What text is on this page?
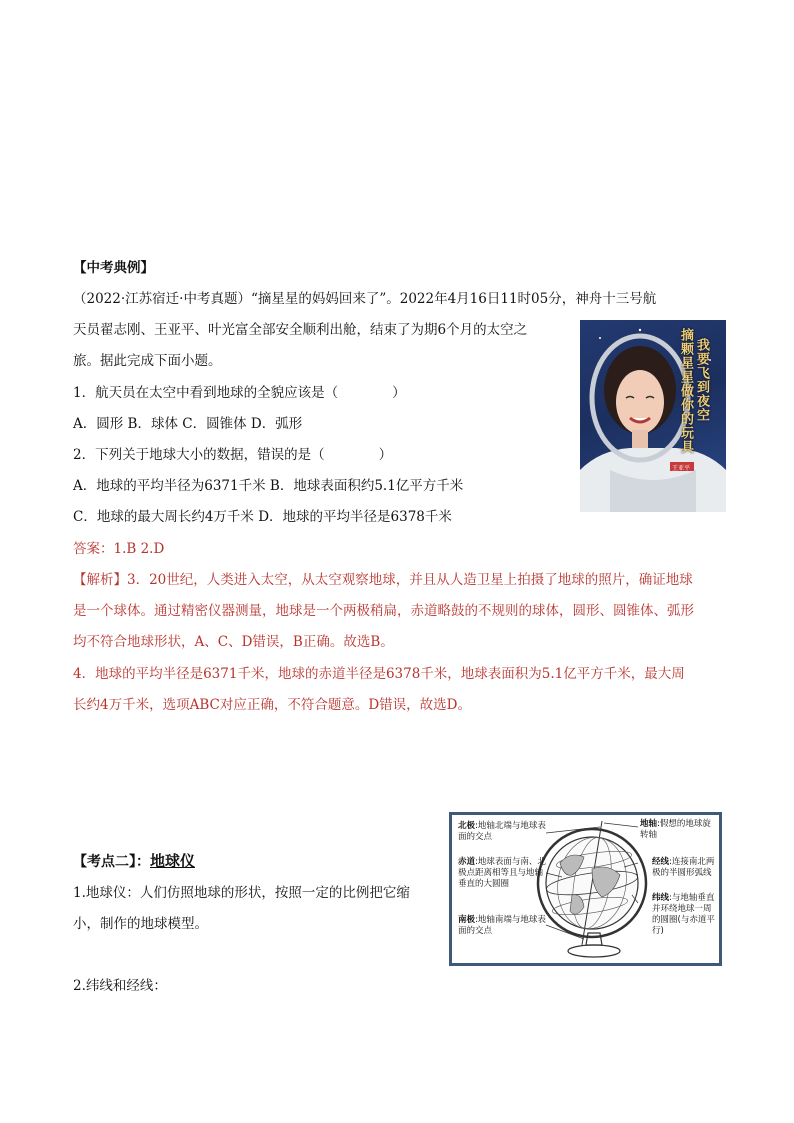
【中考典例】
（2022·江苏宿迁·中考真题）“摘星星的妈妈回来了”。2022年4月16日11时05分，神舟十三号航
天员翟志刚、王亚平、叶光富全部安全顺利出舱，结束了为期6个月的太空之
旅。据此完成下面小题。
1．航天员在太空中看到地球的全貌应该是（　　　　）
A．圆形 B．球体 C．圆锥体 D．弧形
2．下列关于地球大小的数据，错误的是（　　　　）
A．地球的平均半径为6371千米 B．地球表面积约5.1亿平方千米
C．地球的最大周长约4万千米 D．地球的平均半径是6378千米
答案：1.B 2.D
【解析】3．20世纪，人类进入太空，从太空观察地球，并且从人造卫星上拍摄了地球的照片，确证地球
是一个球体。通过精密仪器测量，地球是一个两极稍扁，赤道略鼓的不规则的球体，圆形、圆锥体、弧形
均不符合地球形状，A、C、D错误，B正确。故选B。
4．地球的平均半径是6371千米，地球的赤道半径是6378千米，地球表面积为5.1亿平方千米，最大周
长约4万千米，选项ABC对应正确，不符合题意。D错误，故选D。
我要飞到夜空
摘颗星星做你的玩具
王亚平
【考点二】：地球仪
1.地球仪：人们仿照地球的形状，按照一定的比例把它缩
小，制作的地球模型。
2.纬线和经线：
北极:地轴北端与地球表面的交点
赤道:地球表面与南、北极点距离相等且与地轴垂直的大圆圈
南极:地轴南端与地球表面的交点
地轴:假想的地球旋转轴
经线:连接南北两极的半圆形弧线
纬线:与地轴垂直并环绕地球一周的圆圈(与赤道平行)
